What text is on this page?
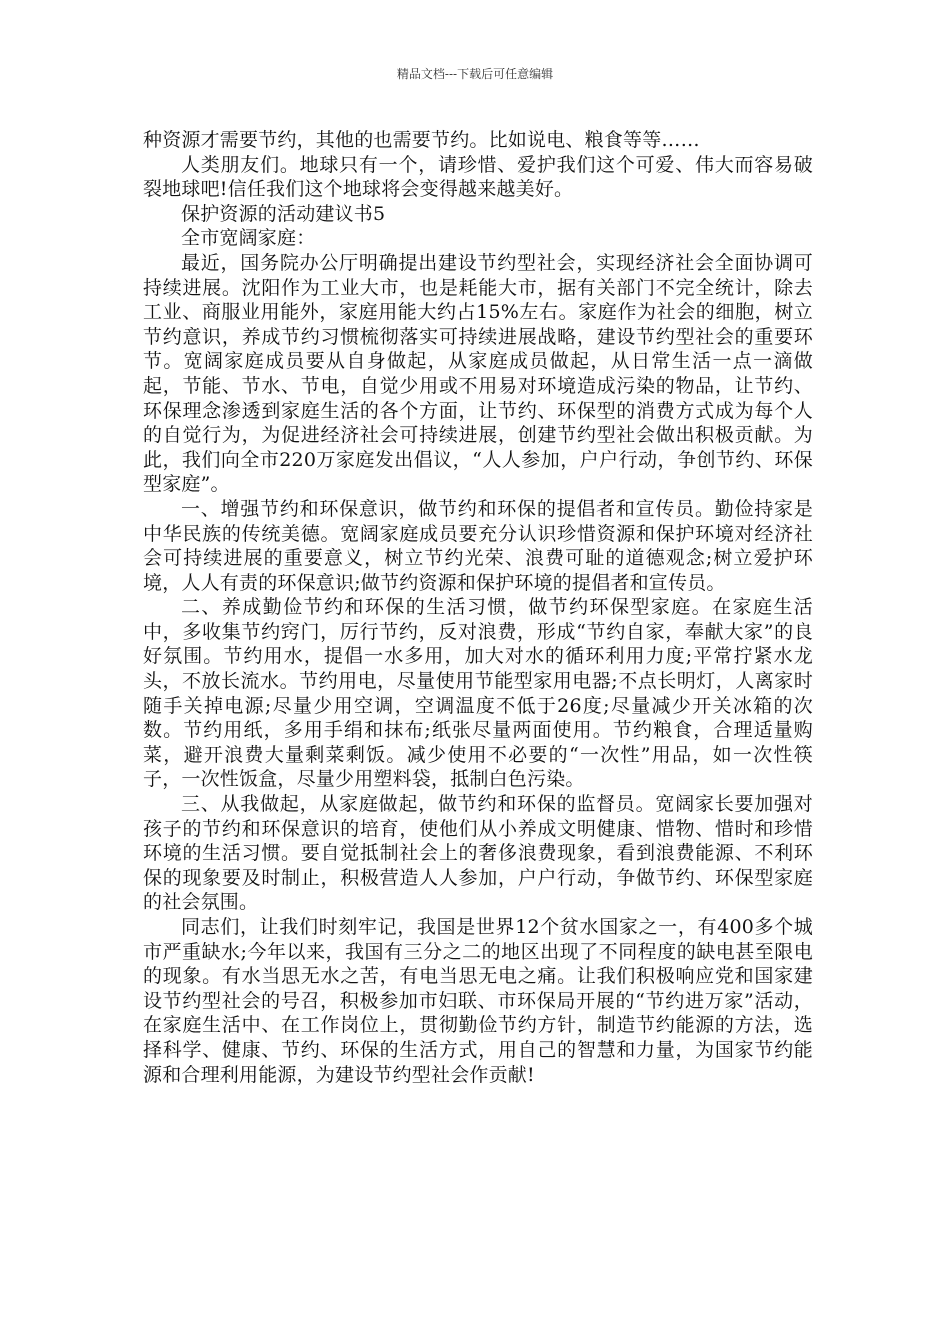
精品文档---下载后可任意编辑

种资源才需要节约，其他的也需要节约。比如说电、粮食等等……

人类朋友们。地球只有一个，请珍惜、爱护我们这个可爱、伟大而容易破裂地球吧!信任我们这个地球将会变得越来越美好。

保护资源的活动建议书5

全市宽阔家庭：

最近，国务院办公厅明确提出建设节约型社会，实现经济社会全面协调可持续进展。沈阳作为工业大市，也是耗能大市，据有关部门不完全统计，除去工业、商服业用能外，家庭用能大约占15%左右。家庭作为社会的细胞，树立节约意识，养成节约习惯梳彻落实可持续进展战略，建设节约型社会的重要环节。宽阔家庭成员要从自身做起，从家庭成员做起，从日常生活一点一滴做起，节能、节水、节电，自觉少用或不用易对环境造成污染的物品，让节约、环保理念渗透到家庭生活的各个方面，让节约、环保型的消费方式成为每个人的自觉行为，为促进经济社会可持续进展，创建节约型社会做出积极贡献。为此，我们向全市220万家庭发出倡议，“人人参加，户户行动，争创节约、环保型家庭”。

一、增强节约和环保意识，做节约和环保的提倡者和宣传员。勤俭持家是中华民族的传统美德。宽阔家庭成员要充分认识珍惜资源和保护环境对经济社会可持续进展的重要意义，树立节约光荣、浪费可耻的道德观念;树立爱护环境，人人有责的环保意识;做节约资源和保护环境的提倡者和宣传员。

二、养成勤俭节约和环保的生活习惯，做节约环保型家庭。在家庭生活中，多收集节约窍门，厉行节约，反对浪费，形成“节约自家，奉献大家”的良好氛围。节约用水，提倡一水多用，加大对水的循环利用力度;平常拧紧水龙头，不放长流水。节约用电，尽量使用节能型家用电器;不点长明灯，人离家时随手关掉电源;尽量少用空调，空调温度不低于26度;尽量减少开关冰箱的次数。节约用纸，多用手绢和抹布;纸张尽量两面使用。节约粮食，合理适量购菜，避开浪费大量剩菜剩饭。减少使用不必要的“一次性”用品，如一次性筷子，一次性饭盒，尽量少用塑料袋，抵制白色污染。

三、从我做起，从家庭做起，做节约和环保的监督员。宽阔家长要加强对孩子的节约和环保意识的培育，使他们从小养成文明健康、惜物、惜时和珍惜环境的生活习惯。要自觉抵制社会上的奢侈浪费现象，看到浪费能源、不利环保的现象要及时制止，积极营造人人参加，户户行动，争做节约、环保型家庭的社会氛围。

同志们，让我们时刻牢记，我国是世界12个贫水国家之一，有400多个城市严重缺水;今年以来，我国有三分之二的地区出现了不同程度的缺电甚至限电的现象。有水当思无水之苦，有电当思无电之痛。让我们积极响应党和国家建设节约型社会的号召，积极参加市妇联、市环保局开展的“节约进万家”活动，在家庭生活中、在工作岗位上，贯彻勤俭节约方针，制造节约能源的方法，选择科学、健康、节约、环保的生活方式，用自己的智慧和力量，为国家节约能源和合理利用能源，为建设节约型社会作贡献!
